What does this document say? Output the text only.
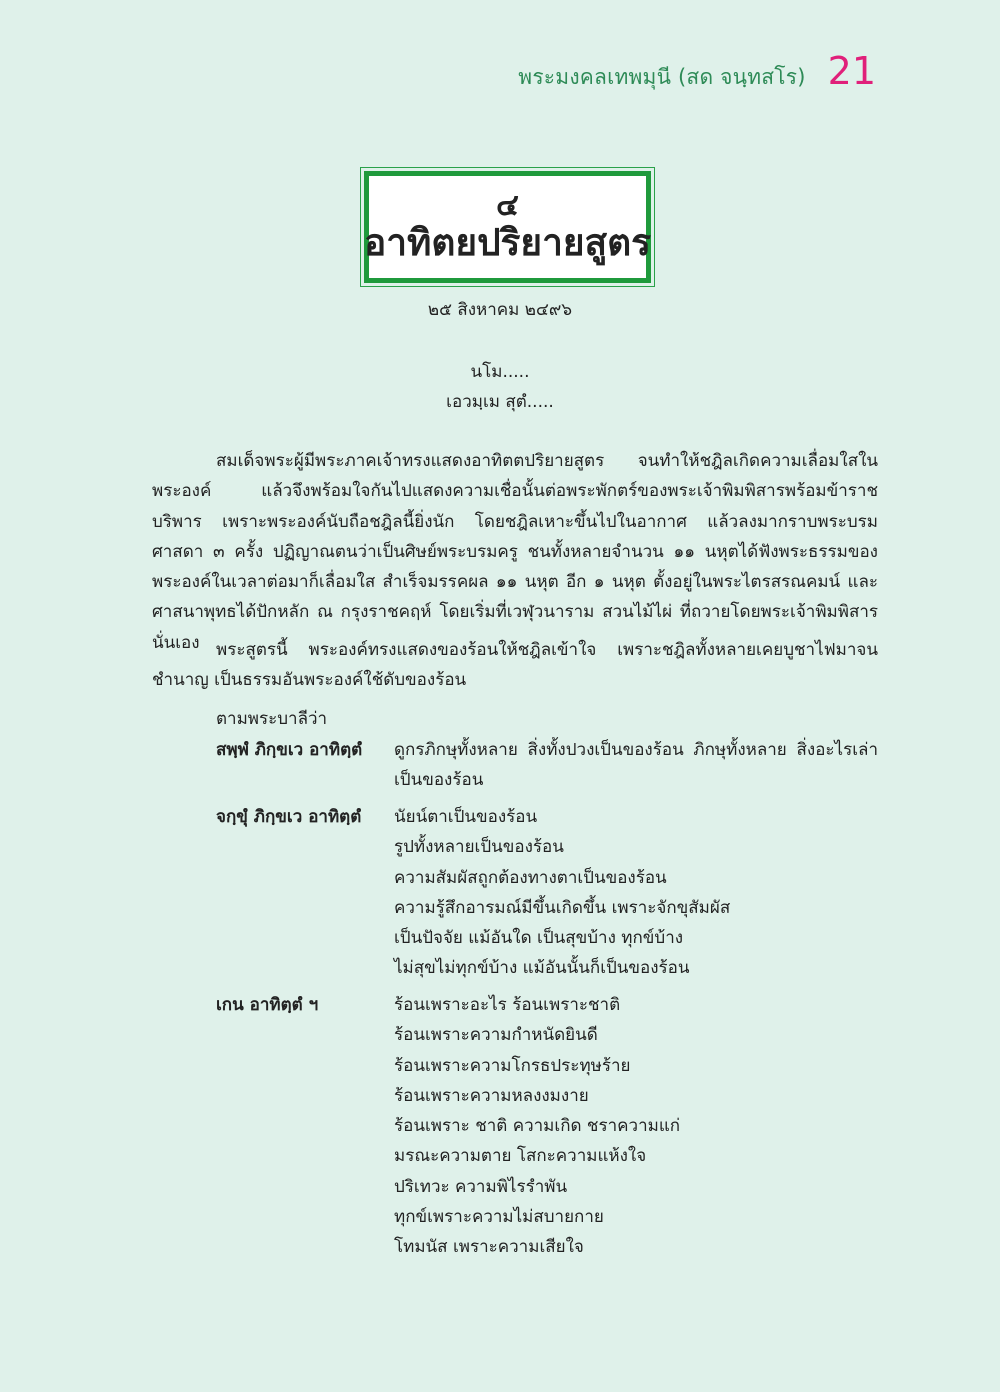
พระมงคลเทพมุนี (สด จนฺทสโร) 21
๔
อาทิตยปริยายสูตร
๒๕ สิงหาคม ๒๔๙๖
นโม.....
เอวมฺเม สุตํ.....

สมเด็จพระผู้มีพระภาคเจ้าทรงแสดงอาทิตตปริยายสูตร จนทำให้ชฎิลเกิดความเลื่อมใสในพระองค์ แล้วจึงพร้อมใจกันไปแสดงความเชื่อนั้นต่อพระพักตร์ของพระเจ้าพิมพิสารพร้อมข้าราชบริพาร เพราะพระองค์นับถือชฎิลนี้ยิ่งนัก โดยชฎิลเหาะขึ้นไปในอากาศ แล้วลงมากราบพระบรมศาสดา ๓ ครั้ง ปฏิญาณตนว่าเป็นศิษย์พระบรมครู ชนทั้งหลายจำนวน ๑๑ นหุตได้ฟังพระธรรมของพระองค์ในเวลาต่อมาก็เลื่อมใส สำเร็จมรรคผล ๑๑ นหุต อีก ๑ นหุต ตั้งอยู่ในพระไตรสรณคมน์ และศาสนาพุทธได้ปักหลัก ณ กรุงราชคฤห์ โดยเริ่มที่เวฬุวนาราม สวนไม้ไผ่ ที่ถวายโดยพระเจ้าพิมพิสารนั่นเอง พระสูตรนี้ พระองค์ทรงแสดงของร้อนให้ชฎิลเข้าใจ เพราะชฎิลทั้งหลายเคยบูชาไฟมาจนชำนาญ เป็นธรรมอันพระองค์ใช้ดับของร้อน

ตามพระบาลีว่า
สพฺพํ ภิกฺขเว อาทิตฺตํ	ดูกรภิกษุทั้งหลาย สิ่งทั้งปวงเป็นของร้อน ภิกษุทั้งหลาย สิ่งอะไรเล่าเป็นของร้อน
จกฺขุํ ภิกฺขเว อาทิตฺตํ	นัยน์ตาเป็นของร้อน
รูปทั้งหลายเป็นของร้อน
ความสัมผัสถูกต้องทางตาเป็นของร้อน
ความรู้สึกอารมณ์มีขึ้นเกิดขึ้น เพราะจักขุสัมผัส
เป็นปัจจัย แม้อันใด เป็นสุขบ้าง ทุกข์บ้าง
ไม่สุขไม่ทุกข์บ้าง แม้อันนั้นก็เป็นของร้อน
เกน อาทิตฺตํ ฯ	ร้อนเพราะอะไร ร้อนเพราะชาติ
ร้อนเพราะความกำหนัดยินดี
ร้อนเพราะความโกรธประทุษร้าย
ร้อนเพราะความหลงงมงาย
ร้อนเพราะ ชาติ ความเกิด ชราความแก่
มรณะความตาย โสกะความแห้งใจ
ปริเทวะ ความพิไรรำพัน
ทุกข์เพราะความไม่สบายกาย
โทมนัส เพราะความเสียใจ
